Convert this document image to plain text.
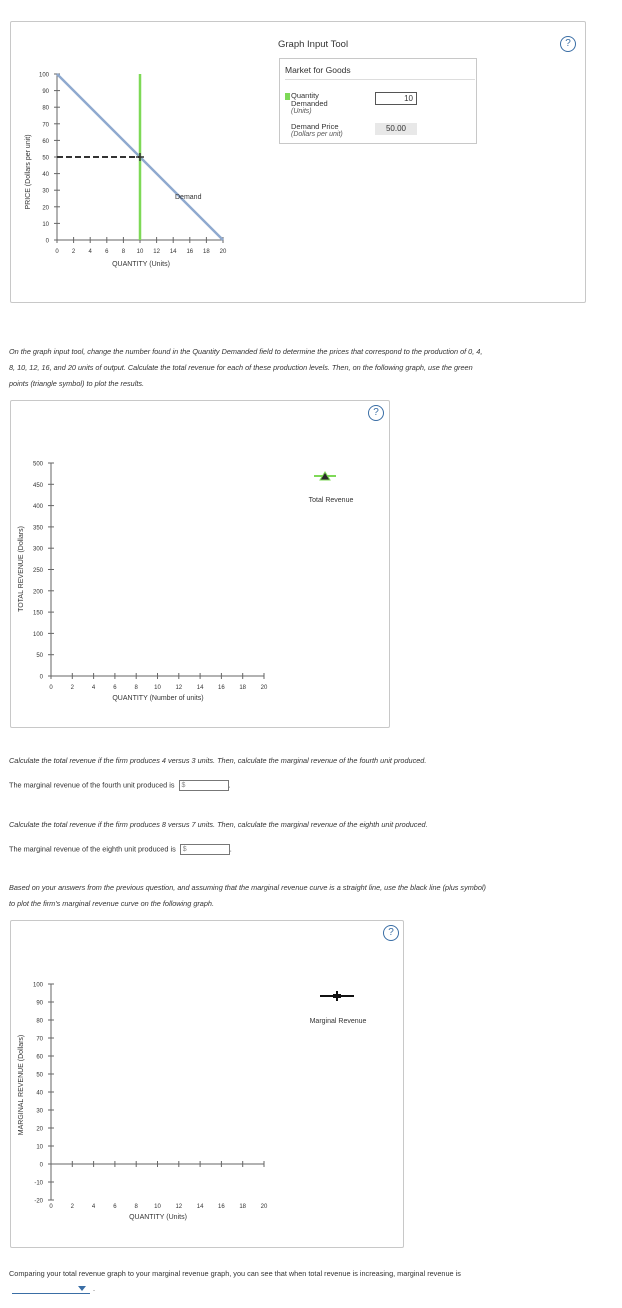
PRICE (Dollars per unit)
100
90
80
70
60
50
40
30
20
10
0
0 2 4 6 8 10 12 14 16 18 20
QUANTITY (Units)
Demand
Graph Input Tool	?
Market for Goods
Quantity
Demanded
(Units)
10
Demand Price
(Dollars per unit)
50.00
On the graph input tool, change the number found in the Quantity Demanded field to determine the prices that correspond to the production of 0, 4,
8, 10, 12, 16, and 20 units of output. Calculate the total revenue for each of these production levels. Then, on the following graph, use the green
points (triangle symbol) to plot the results.
?
TOTAL REVENUE (Dollars)
500
450
400
350
300
250
200
150
100
50
0
0	2	4	6	8	10 12 14 16 18 20
QUANTITY (Number of units)
Total Revenue
Calculate the total revenue if the firm produces 4 versus 3 units. Then, calculate the marginal revenue of the fourth unit produced.
The marginal revenue of the fourth unit produced is $	.
Calculate the total revenue if the firm produces 8 versus 7 units. Then, calculate the marginal revenue of the eighth unit produced.
The marginal revenue of the eighth unit produced is $	.
Based on your answers from the previous question, and assuming that the marginal revenue curve is a straight line, use the black line (plus symbol)
to plot the firm's marginal revenue curve on the following graph.
?
MARGINAL REVENUE (Dollars)
100
90
80
70
60
50
40
30
20
10
0
-10
-20
0	2	4	6	8	10 12 14 16 18 20
QUANTITY (Units)
Marginal Revenue
Comparing your total revenue graph to your marginal revenue graph, you can see that when total revenue is increasing, marginal revenue is
.
